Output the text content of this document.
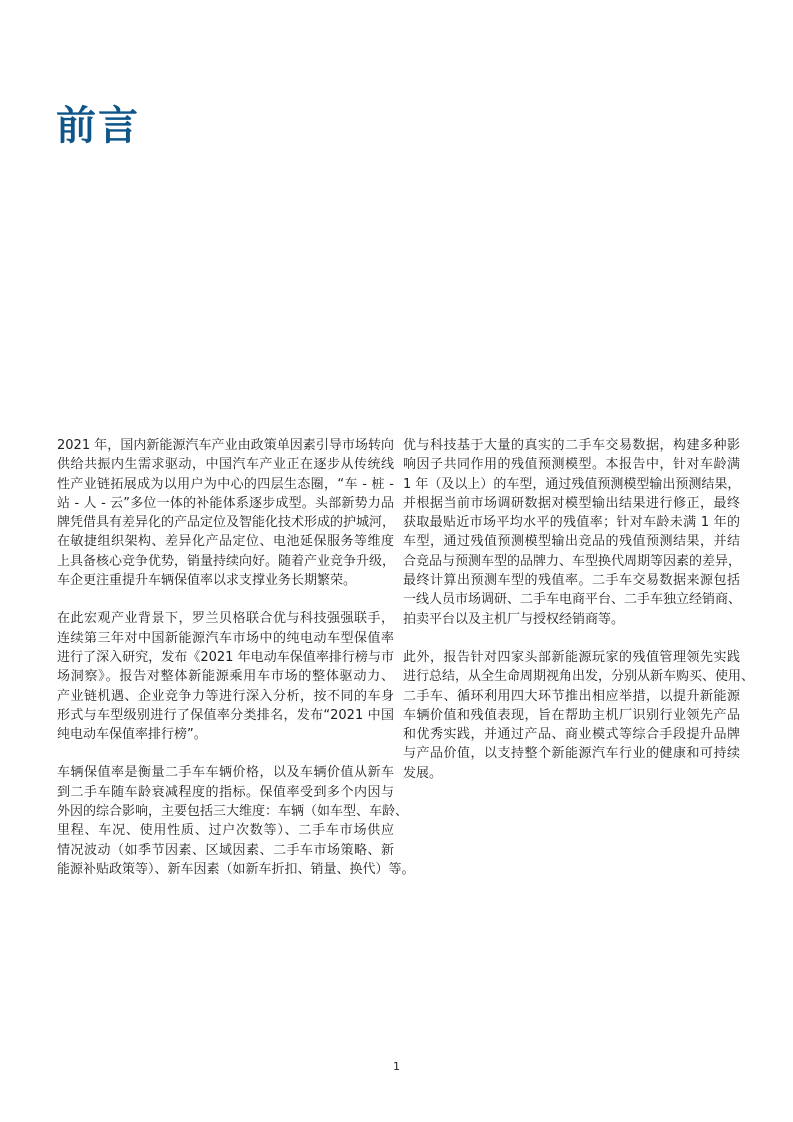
前言
2021 年，国内新能源汽车产业由政策单因素引导市场转向
供给共振内生需求驱动，中国汽车产业正在逐步从传统线
性产业链拓展成为以用户为中心的四层生态圈，“车 - 桩 -
站 - 人 - 云”多位一体的补能体系逐步成型。头部新势力品
牌凭借具有差异化的产品定位及智能化技术形成的护城河，
在敏捷组织架构、差异化产品定位、电池延保服务等维度
上具备核心竞争优势，销量持续向好。随着产业竞争升级，
车企更注重提升车辆保值率以求支撑业务长期繁荣。
在此宏观产业背景下，罗兰贝格联合优与科技强强联手，
连续第三年对中国新能源汽车市场中的纯电动车型保值率
进行了深入研究，发布《2021 年电动车保值率排行榜与市
场洞察》。报告对整体新能源乘用车市场的整体驱动力、
产业链机遇、企业竞争力等进行深入分析，按不同的车身
形式与车型级别进行了保值率分类排名，发布“2021 中国
纯电动车保值率排行榜”。
车辆保值率是衡量二手车车辆价格，以及车辆价值从新车
到二手车随车龄衰减程度的指标。保值率受到多个内因与
外因的综合影响，主要包括三大维度：车辆（如车型、车龄、
里程、车况、使用性质、过户次数等）、二手车市场供应
情况波动（如季节因素、区域因素、二手车市场策略、新
能源补贴政策等）、新车因素（如新车折扣、销量、换代）等。
优与科技基于大量的真实的二手车交易数据，构建多种影
响因子共同作用的残值预测模型。本报告中，针对车龄满
1 年（及以上）的车型，通过残值预测模型输出预测结果，
并根据当前市场调研数据对模型输出结果进行修正，最终
获取最贴近市场平均水平的残值率；针对车龄未满 1 年的
车型，通过残值预测模型输出竞品的残值预测结果，并结
合竞品与预测车型的品牌力、车型换代周期等因素的差异，
最终计算出预测车型的残值率。二手车交易数据来源包括
一线人员市场调研、二手车电商平台、二手车独立经销商、
拍卖平台以及主机厂与授权经销商等。
此外，报告针对四家头部新能源玩家的残值管理领先实践
进行总结，从全生命周期视角出发，分别从新车购买、使用、
二手车、循环利用四大环节推出相应举措，以提升新能源
车辆价值和残值表现，旨在帮助主机厂识别行业领先产品
和优秀实践，并通过产品、商业模式等综合手段提升品牌
与产品价值，以支持整个新能源汽车行业的健康和可持续
发展。
1
